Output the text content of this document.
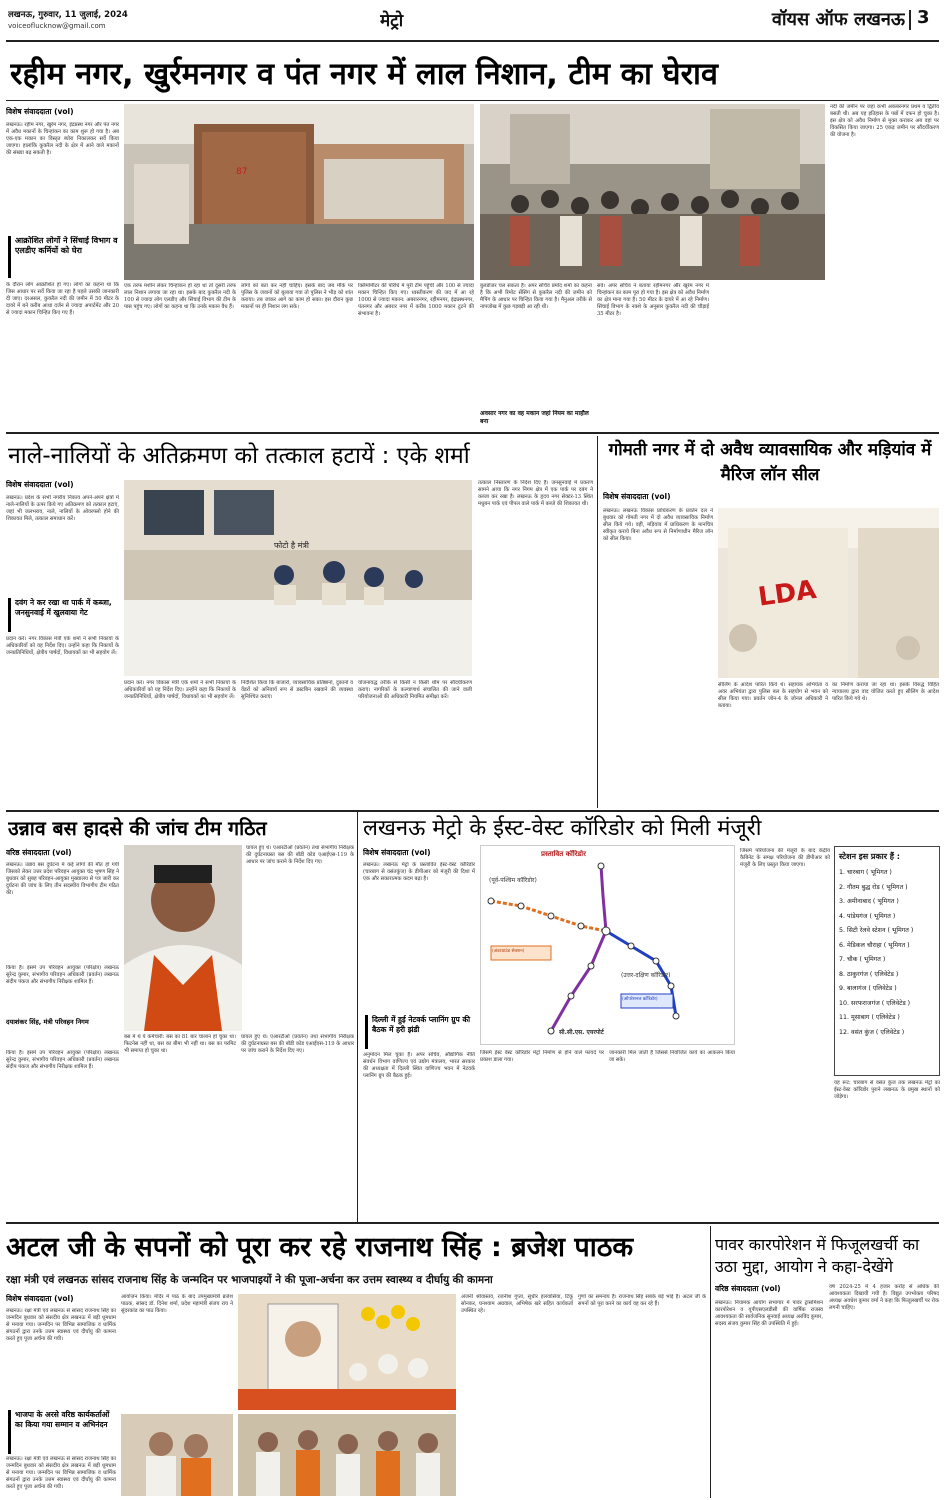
लखनऊ, गुरुवार, 11 जुलाई, 2024
voiceoflucknow@gmail.com	मेट्रो	वॉयस ऑफ लखनऊ 3
रहीम नगर, खुर्रमनगर व पंत नगर में लाल निशान, टीम का घेराव
विशेष संवाददाता (vol)
लखनऊ। रहीम नगर, खुर्रम नगर, इंद्रप्रस्थ नगर और पंत नगर में अवैध मकानों के चिन्हांकन का काम शुरू हो गया है। अब एक-एक मकान का विस्तृत ब्योरा निकालकर सर्वे किया जाएगा। हालांकि कुकरैल नदी के क्षेत्र में आने वाले मकानों की संख्या बढ़ सकती है।
आक्रोशित लोगों ने सिंचाई विभाग व एलडीए कर्मियों को घेरा
के दौरान लोग आक्रोशित हो गए। लोगों का कहना था कि जिस आधार पर सर्वे किया जा रहा है पहले उसकी जानकारी दी जाए। दरअसल, कुकरैल नदी की जमीन में 50 मीटर के दायरे में बने करीब आधा दर्जन से ज्यादा अपार्टमेंट और 20 से ज्यादा मकान चिन्हित किए गए हैं।
87
एक तरफ मशीन लेकर चिन्हांकन हो रहा था तो दूसरी तरफ लाल निशान लगाया जा रहा था। इसके बाद कुकरैल नदी के 100 से ज्यादा लोग एलडीए और सिंचाई विभाग की टीम के पास पहुंच गए। लोगों का कहना था कि उनके मकान वैध हैं।
लोगों को बता कर नहीं चाहिए। इसके बाद जब मौके पर पुलिस के जवानों को बुलाया गया तो पुलिस ने भीड़ को शांत कराया। तब जाकर आगे का काम हो सका। इस दौरान कुछ मकानों पर ही निशान लग सके।
क्लिमोमीटर की परिधि में पूरी टीम पहुंची और 100 से ज्यादा मकान चिन्हित किए गए। ध्वस्तीकरण की जद में आ रहे 1000 से ज्यादा मकान: अबरारनगर, रहीमनगर, इंद्रप्रस्थनगर, पंतनगर और अबरार नगर में करीब 1000 मकान टूटने की संभावना है।
बुलडोजर चल सकता है। अपर सचिव प्रमोद शर्मा का कहना है कि अभी रिमोट सेंसिंग से कुकरैल नदी की जमीन को मैपिंग के आधार पर चिन्हित किया गया है। मैनुअल तरीके से नापजोख में कुछ गड़बड़ी आ रही थी।
अवसार नगर का वह मकान जहां नियम का माहौल बना
सर्वे। अपर सचिव ने बताया रहीमनगर और खुर्रम नगर में चिन्हांकन का काम पूरा हो गया है। इस क्षेत्र को अवैध निर्माण का क्षेत्र माना गया है। 50 मीटर के दायरे में आ रहे निर्माण। सिंचाई विभाग के नक्शे के अनुसार कुकरैल नदी की चौड़ाई 35 मीटर है।
नदी की जमीन पर जहां कभी अकबरनगर प्रथम व द्वितीय बसती थी। अब यह इतिहास के पन्नों में दफन हो चुका है। इस क्षेत्र को अवैध निर्माण से मुक्त कराकर अब वहां पर विकसित किया जाएगा। 25 एकड़ जमीन पर सौंदर्यीकरण की योजना है।
नाले-नालियों के अतिक्रमण को तत्काल हटायें : एके शर्मा
विशेष संवाददाता (vol)
लखनऊ। प्रदेश के सभी नगरीय निकाय अपने-अपने क्षेत्रों में नाले-नालियों के ऊपर किये गए अतिक्रमण को तत्काल हटाएं, जहां भी जलभराव, नाले, नालियों के ओवरफ्लो होने की शिकायत मिले, तत्काल समाधान करें।
दवंग ने कर रखा था पार्क में कब्जा, जनसुनवाई में खुलवाया गेट
फोटो है मंत्री
प्रदान करें। नगर विकास मंत्री एके शर्मा ने सभी निकायों के अधिकारियों को यह निर्देश दिए। उन्होंने कहा कि निकायों के जनप्रतिनिधियों, क्षेत्रीय पार्षदों, विधायकों का भी सहयोग लें।
प्रदान करें। नगर विकास मंत्री एके शर्मा ने सभी निकायों के अधिकारियों को यह निर्देश दिए। उन्होंने कहा कि निकायों के जनप्रतिनिधियों, क्षेत्रीय पार्षदों, विधायकों का भी सहयोग लें।
निर्देशित किया कि बाजारों, व्यावसायिक प्रतिष्ठानों, दुकानों व वेंडरों को अनिवार्य रूप से डस्टबिन रखवाने की व्यवस्था सुनिश्चित कराएं।
योजनावद्ध तरीके से किसी न किसी थीम पर सौंदर्यीकरण कराएं। नागरिकों के कल्याणार्थ संचालित की जाने वाली परियोजनाओं की अधिकारी नियमित समीक्षा करें।
तत्काल निस्तारण के निर्देश दिए हैं। जनसुनवाई में प्रकरण सामने आया कि नगर निगम क्षेत्र में एक पार्क पर दबंग ने कब्जा कर रखा है। लखनऊ के हृदय नगर सेक्टर-13 स्थित मधुबन पार्क एवं पीपल वाले पार्क में कब्जे की शिकायत थी।
गोमती नगर में दो अवैध व्यावसायिक और मड़ियांव में मैरिज लॉन सील
विशेष संवाददाता (vol)
लखनऊ। लखनऊ विकास प्राधिकरण के प्रवर्तन दल ने बुधवार को गोमती नगर में दो अवैध व्यावसायिक निर्माण सील किये गये। वहीं, मड़ियांव में प्राधिकरण के मानचित्र स्वीकृत कराये बिना अवैध रूप से निर्माणाधीन मैरिज लॉन को सील किया।
LDA
सीलिंग के आदेश पारित किये थे। सहायक अभियंता व अवर अभियंता द्वारा पुलिस बल के सहयोग से भवन को सील किया गया। प्रवर्तन जोन-4 के जोनल अधिकारी ने बताया।
का निर्माण कराया जा रहा था। इसके विरुद्ध विहित न्यायालय द्वारा वाद योजित करते हुए सीलिंग के आदेश पारित किये गये थे।
उन्नाव बस हादसे की जांच टीम गठित
वरिष्ठ संवाददाता (vol)
लखनऊ। उन्नाव बस दुर्घटना में कई लोगों की मौत हो गयी जिसको लेकर उत्तर प्रदेश परिवहन आयुक्त चंद्र भूषण सिंह ने बुधवार को सुबह परिवहन-आयुक्त मुख्यालय से पत्र जारी कर दुर्घटना की जांच के लिए तीन सदस्यीय विभागीय टीम गठित की।
घायल हुए थे। एआरटीओ (प्रवर्तन) तथा संभागीय निरीक्षक की दुर्घटनाग्रस्त बस की बॉडी कोड एआईएस-119 के आधार पर जांच कराने के निर्देश दिए गए।
किया है। इसमें उप परिवहन आयुक्त (परिक्षेत्र) लखनऊ सुरेन्द्र कुमार, संभागीय परिवहन अधिकारी (प्रवर्तन) लखनऊ संदीप पंकज और संभागीय निरीक्षक शामिल हैं।
दयाशंकर सिंह, मंत्री परिवहन निगम
किया है। इसमें उप परिवहन आयुक्त (परिक्षेत्र) लखनऊ सुरेन्द्र कुमार, संभागीय परिवहन अधिकारी (प्रवर्तन) लखनऊ संदीप पंकज और संभागीय निरीक्षक शामिल हैं।
बस में थे ये कर्मचारी: बस का 81 बार चालान हो चुका था। फिटनेस नहीं था, बस का बीमा भी नहीं था। बस का परमिट भी समाप्त हो चुका था।
घायल हुए थे। एआरटीओ (प्रवर्तन) तथा संभागीय निरीक्षक की दुर्घटनाग्रस्त बस की बॉडी कोड एआईएस-119 के आधार पर जांच कराने के निर्देश दिए गए।
लखनऊ मेट्रो के ईस्ट-वेस्ट कॉरिडोर को मिली मंजूरी
विशेष संवाददाता (vol)
लखनऊ। लखनऊ मेट्रो के प्रस्तावित ईस्ट-वेस्ट कॉरिडोर (चारबाग से वसंतकुंज) के डीपीआर को मंजूरी की दिशा में एक और सकारात्मक कदम बढ़ा है।
दिल्ली में हुई नेटवर्क प्लानिंग ग्रुप की बैठक में हरी झंडी
अनुमोदन मिल चुका है। अपर सचिव, औद्योगिक नीति संवर्धन विभाग वाणिज्य एवं उद्योग मंत्रालय, भारत सरकार की अध्यक्षता में दिल्ली स्थित वाणिज्य भवन में नेटवर्क प्लानिंग ग्रुप की बैठक हुई।
प्रस्तावित कॉरिडोर
(पूर्व-पश्चिम कॉरिडोर)
(उत्तर-दक्षिण कॉरिडोर)
(ऑपरेशनल कॉरिडोर)
(अंडरग्राउंड सेक्शन)
सी.सी.एस. एयरपोर्ट
जिसमें ईस्ट वेस्ट कॉरिडोर मेट्रो निर्माण से होने वाले फायदे पर प्रकाश डाला गया।
जानकारी मिल जाती है जिससे नियोजित कार्य का आकलन किया जा सके।
जिसमें परियोजना की मंजूरी के बाद केंद्रीय कैबिनेट के समक्ष परियोजना की डीपीआर को मंजूरी के लिए प्रस्तुत किया जाएगा।
स्टेशन इस प्रकार हैं :
1. चारबाग ( भूमिगत )
2. गौतम बुद्ध रोड ( भूमिगत )
3. अमीनाबाद ( भूमिगत )
4. पांडेयगंज ( भूमिगत )
5. सिटी रेलवे स्टेशन ( भूमिगत )
6. मेडिकल चौराहा ( भूमिगत )
7. चौक ( भूमिगत )
8. ठाकुरगंज ( एलिवेटेड )
9. बालागंज ( एलिवेटेड )
10. सरफराजगंज ( एलिवेटेड )
11. मूसाबाग ( एलिवेटेड )
12. वसंत कुंज ( एलिवेटेड )
यह रूट: चारबाग से वसंत कुंज तक लखनऊ मेट्रो का ईस्ट-वेस्ट कॉरिडोर पुराने लखनऊ के प्रमुख स्थानों को जोड़ेगा।
अटल जी के सपनों को पूरा कर रहे राजनाथ सिंह : ब्रजेश पाठक
रक्षा मंत्री एवं लखनऊ सांसद राजनाथ सिंह के जन्मदिन पर भाजपाइयों ने की पूजा-अर्चना कर उत्तम स्वास्थ्य व दीर्घायु की कामना
विशेष संवाददाता (vol)
लखनऊ। रक्षा मंत्री एवं लखनऊ से सांसद राजनाथ सिंह का जन्मदिन बुधवार को संसदीय क्षेत्र लखनऊ में बड़ी धूमधाम से मनाया गया। जन्मदिन पर विभिन्न सामाजिक व धार्मिक संगठनों द्वारा उनके उत्तम स्वास्थ्य एवं दीर्घायु की कामना करते हुए पूजा अर्चना की गयी।
भाजपा के अरसे वरिष्ठ कार्यकर्ताओं का किया गया सम्मान व अभिनंदन
लखनऊ। रक्षा मंत्री एवं लखनऊ से सांसद राजनाथ सिंह का जन्मदिन बुधवार को संसदीय क्षेत्र लखनऊ में बड़ी धूमधाम से मनाया गया। जन्मदिन पर विभिन्न सामाजिक व धार्मिक संगठनों द्वारा उनके उत्तम स्वास्थ्य एवं दीर्घायु की कामना करते हुए पूजा अर्चना की गयी।
आयोजन किया। मंदिर में पाठ के बाद उपमुख्यमंत्री ब्रजेश पाठक, सांसद डॉ. दिनेश शर्मा, प्रदेश महामंत्री संजय राय ने सुंदरकांड का पाठ किया।
अंजनी श्रीवास्तव, रजनीश गुप्ता, सुधीर हलवासिया, टिंकू सोनकर, घनश्याम अग्रवाल, अभिषेक खरे सहित कार्यकर्ता उपस्थित रहे।
गुणों का समन्वय है। राजनाथ सिंह सबके बड़े भाई हैं। अटल जी के सपनों को पूरा करने का कार्य वह कर रहे हैं।
पावर कारपोरेशन में फिजूलखर्ची का उठा मुद्दा, आयोग ने कहा-देखेंगे
वरिष्ठ संवाददाता (vol)
लखनऊ। नियामक आयोग सभागार में पावर ट्रांसमिशन कारपोरेशन व यूपीएसएलडीसी की वार्षिक राजस्व आवश्यकता की सार्वजनिक सुनवाई अध्यक्ष अरविंद कुमार, सदस्य संजय कुमार सिंह की उपस्थिति में हुई।
वर्ष 2024-25 में 4 हजार करोड़ से अधिक की आवश्यकता दिखायी गयी है। विद्युत उपभोक्ता परिषद अध्यक्ष अवधेश कुमार वर्मा ने कहा कि फिजूलखर्ची पर रोक लगनी चाहिए।
